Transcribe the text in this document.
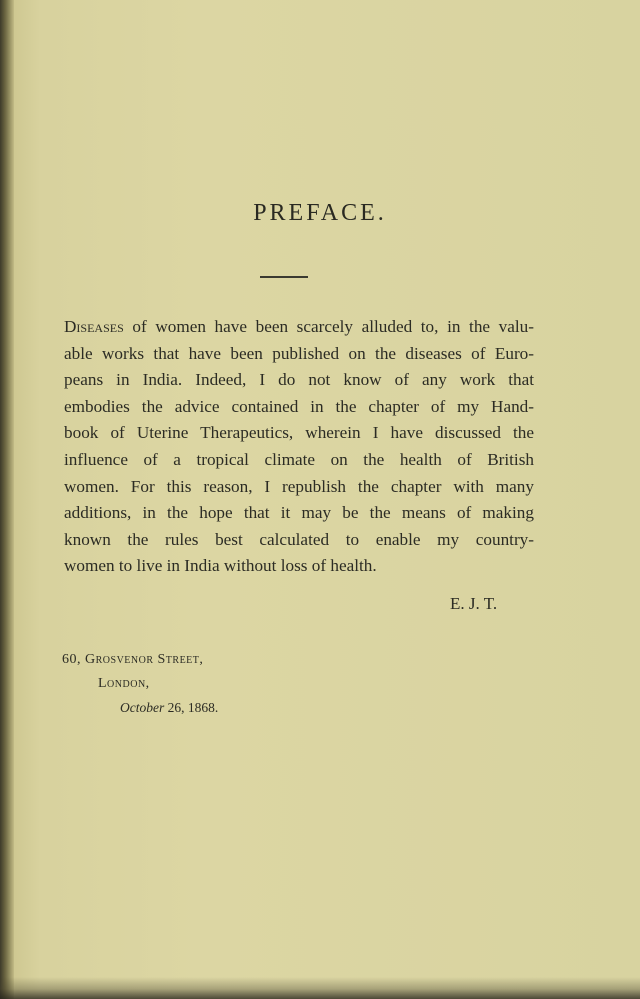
PREFACE.
Diseases of women have been scarcely alluded to, in the valu-
able works that have been published on the diseases of Euro-
peans in India. Indeed, I do not know of any work that
embodies the advice contained in the chapter of my Hand-
book of Uterine Therapeutics, wherein I have discussed the
influence of a tropical climate on the health of British
women. For this reason, I republish the chapter with many
additions, in the hope that it may be the means of making
known the rules best calculated to enable my country-
women to live in India without loss of health.
E. J. T.
60, Grosvenor Street,
London,
October 26, 1868.
